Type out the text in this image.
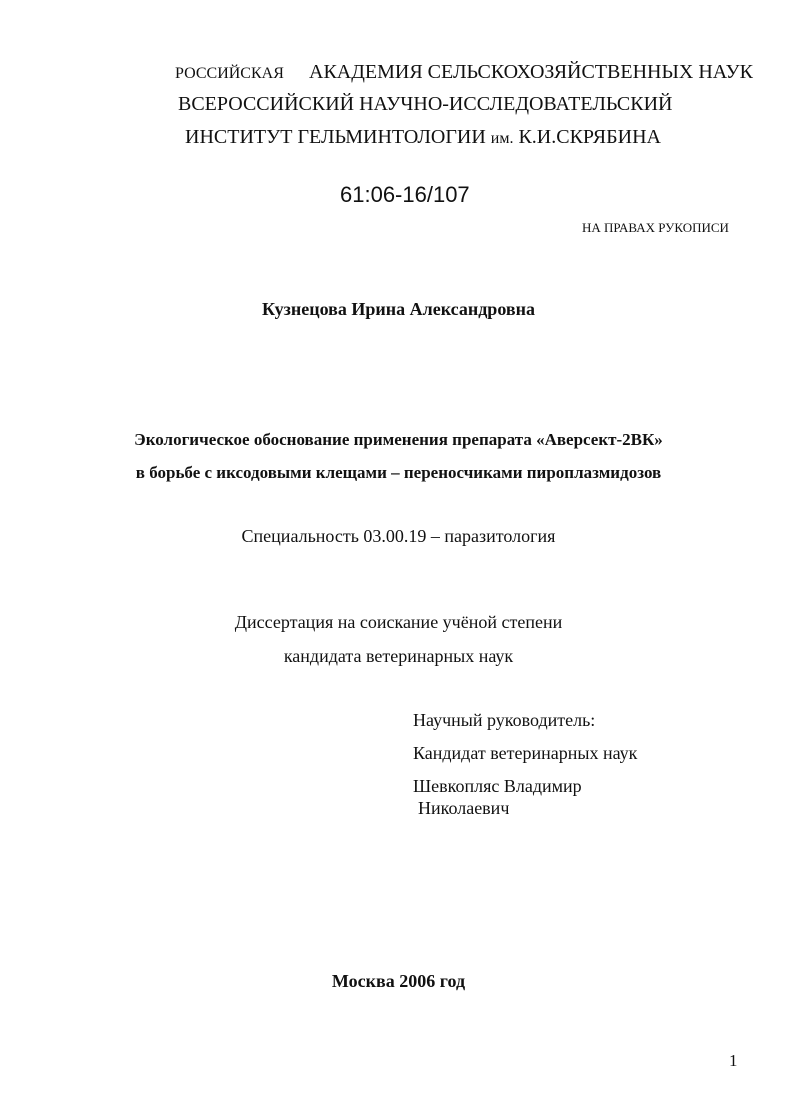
РОССИЙСКАЯ АКАДЕМИЯ СЕЛЬСКОХОЗЯЙСТВЕННЫХ НАУК
ВСЕРОССИЙСКИЙ НАУЧНО-ИССЛЕДОВАТЕЛЬСКИЙ
ИНСТИТУТ ГЕЛЬМИНТОЛОГИИ им. К.И.СКРЯБИНА
61:06-16/107
НА ПРАВАХ РУКОПИСИ
Кузнецова Ирина Александровна
Экологическое обоснование применения препарата «Аверсект-2ВК»
в борьбе с иксодовыми клещами – переносчиками пироплазмидозов
Специальность 03.00.19 – паразитология
Диссертация на соискание учёной степени
кандидата ветеринарных наук
Научный руководитель:
Кандидат ветеринарных наук
Шевкопляс Владимир
Николаевич
Москва 2006 год
1
